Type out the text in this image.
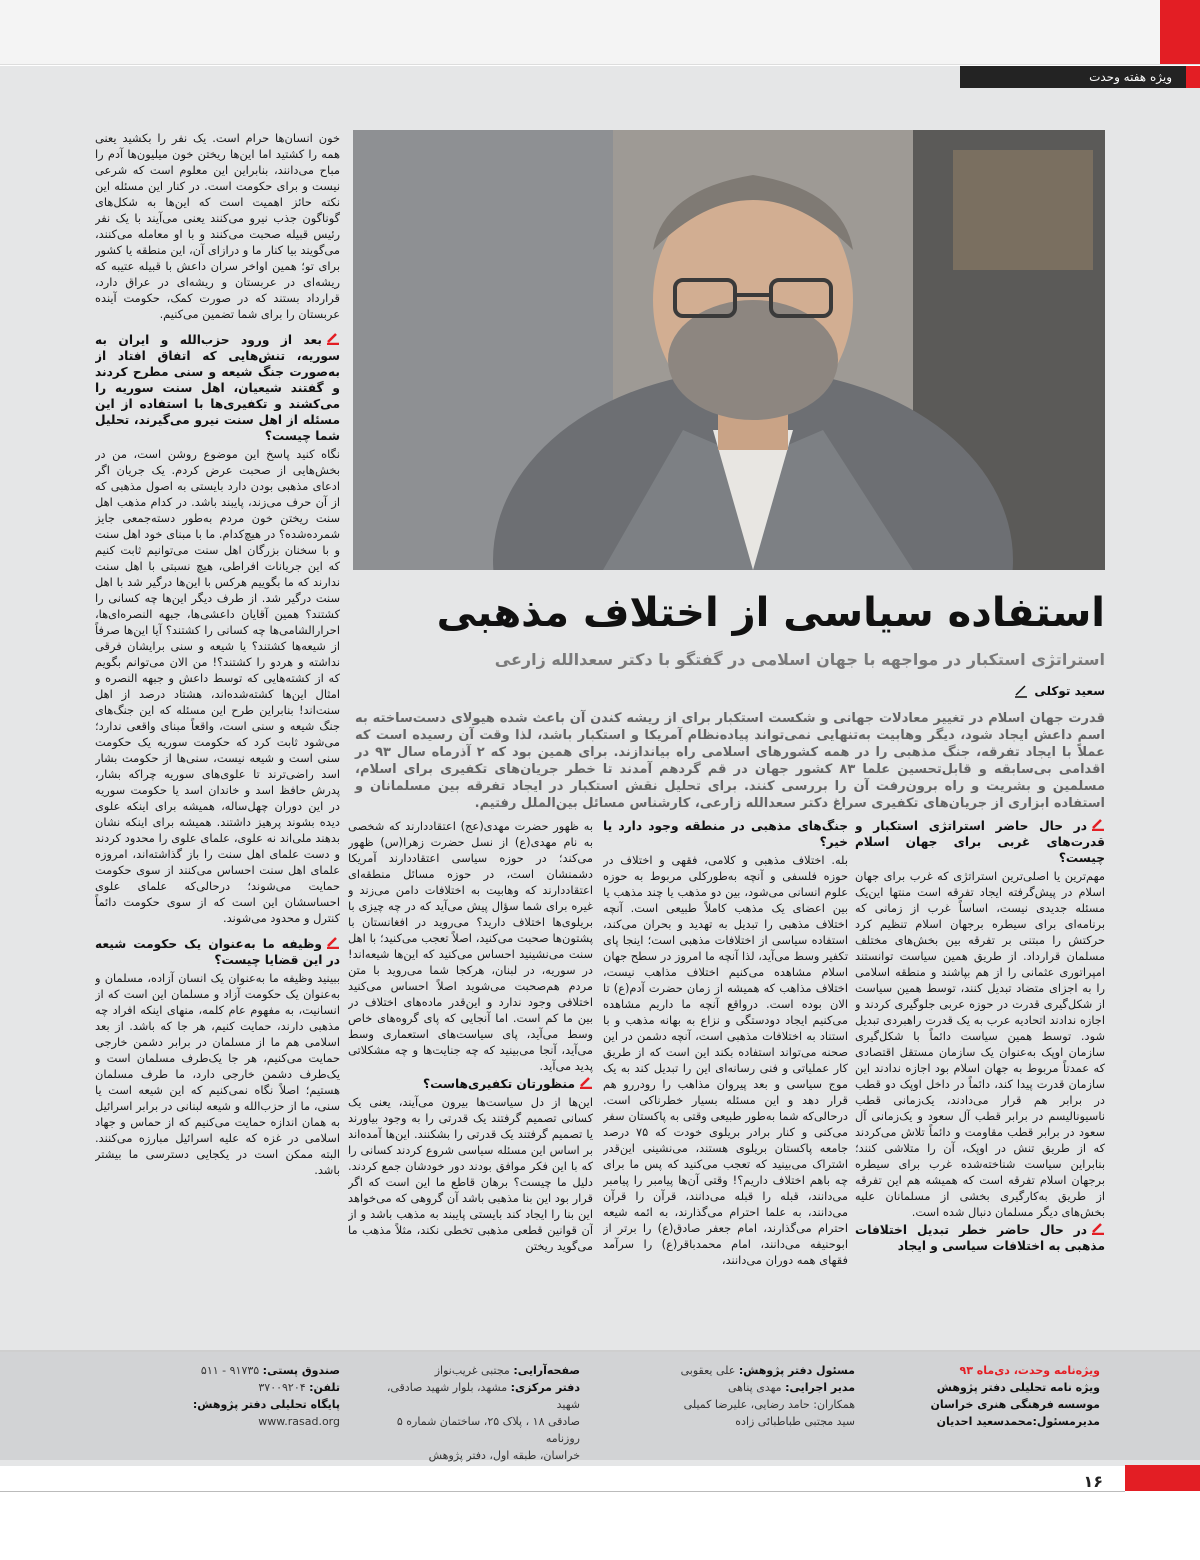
ویژه هفته وحدت
استفاده سیاسی از اختلاف مذهبی

استراتژی استکبار در مواجهه با جهان اسلامی در گفتگو با دکتر سعدالله زارعی

سعید توکلی

قدرت جهان اسلام در تغییر معادلات جهانی و شکست استکبار برای از ریشه کندن آن باعث شده هیولای دست‌ساخته به اسم داعش ایجاد شود، دیگر وهابیت به‌تنهایی نمی‌تواند پیاده‌نظام آمریکا و استکبار باشد، لذا وقت آن رسیده است که عملاً با ایجاد تفرقه، جنگ مذهبی را در همه کشورهای اسلامی راه بیاندازند. برای همین بود که ۲ آذرماه سال ۹۳ در اقدامی بی‌سابقه و قابل‌تحسین علما ۸۳ کشور جهان در قم گردهم آمدند تا خطر جریان‌های تکفیری برای اسلام، مسلمین و بشریت و راه برون‌رفت آن را بررسی کنند. برای تحلیل نقش استکبار در ایجاد تفرقه بین مسلمانان و استفاده ابزاری از جریان‌های تکفیری سراغ دکتر سعدالله زارعی، کارشناس مسائل بین‌الملل رفتیم.

در حال حاضر استراتژی استکبار و قدرت‌های غربی برای جهان اسلام چیست؟

مهم‌ترین یا اصلی‌ترین استراتژی که غرب برای جهان اسلام در پیش‌گرفته ایجاد تفرقه است منتها این‌یک مسئله جدیدی نیست، اساساً غرب از زمانی که برنامه‌ای برای سیطره برجهان اسلام تنظیم کرد حرکتش را مبتنی بر تفرقه بین بخش‌های مختلف مسلمان قرارداد. از طریق همین سیاست توانستند امپراتوری عثمانی را از هم بپاشند و منطقه اسلامی را به اجزای متضاد تبدیل کنند، توسط همین سیاست از شکل‌گیری قدرت در حوزه عربی جلوگیری کردند و اجازه ندادند اتحادیه عرب به یک قدرت راهبردی تبدیل شود. توسط همین سیاست دائماً با شکل‌گیری سازمان اوپک به‌عنوان یک سازمان مستقل اقتصادی که عمدتاً مربوط به جهان اسلام بود اجازه ندادند این سازمان قدرت پیدا کند، دائماً در داخل اوپک دو قطب در برابر هم قرار می‌دادند، یک‌زمانی قطب ناسیونالیسم در برابر قطب آل سعود و یک‌زمانی آل سعود در برابر قطب مقاومت و دائماً تلاش می‌کردند که از طریق تنش در اوپک، آن را متلاشی کنند؛ بنابراین سیاست شناخته‌شده غرب برای سیطره برجهان اسلام تفرقه است که همیشه هم این تفرقه از طریق به‌کارگیری بخشی از مسلمانان علیه بخش‌های دیگر مسلمان دنبال شده است.

در حال حاضر خطر تبدیل اختلافات مذهبی به اختلافات سیاسی و ایجاد
جنگ‌های مذهبی در منطقه وجود دارد یا خیر؟

بله. اختلاف مذهبی و کلامی، فقهی و اختلاف در حوزه فلسفی و آنچه به‌طورکلی مربوط به حوزه علوم انسانی می‌شود، بین دو مذهب یا چند مذهب یا بین اعضای یک مذهب کاملاً طبیعی است. آنچه اختلاف مذهبی را تبدیل به تهدید و بحران می‌کند، استفاده سیاسی از اختلافات مذهبی است؛ اینجا پای تکفیر وسط می‌آید، لذا آنچه ما امروز در سطح جهان اسلام مشاهده می‌کنیم اختلاف مذاهب نیست، اختلاف مذاهب که همیشه از زمان حضرت آدم(ع) تا الان بوده است. درواقع آنچه ما داریم مشاهده می‌کنیم ایجاد دودستگی و نزاع به بهانه مذهب و با استناد به اختلافات مذهبی است، آنچه دشمن در این صحنه می‌تواند استفاده بکند این است که از طریق کار عملیاتی و فنی رسانه‌ای این را تبدیل کند به یک موج سیاسی و بعد پیروان مذاهب را رودررو هم قرار دهد و این مسئله بسیار خطرناکی است. درحالی‌که شما به‌طور طبیعی وقتی به پاکستان سفر می‌کنی و کنار برادر بریلوی خودت که ۷۵ درصد جامعه پاکستان بریلوی هستند، می‌نشینی این‌قدر اشتراک می‌بینید که تعجب می‌کنید که پس ما برای چه باهم اختلاف داریم؟! وقتی آن‌ها پیامبر را پیامبر می‌دانند، قبله را قبله می‌دانند، قرآن را قرآن می‌دانند، به علما احترام می‌گذارند، به ائمه شیعه احترام می‌گذارند، امام جعفر صادق(ع) را برتر از ابوحنیفه می‌دانند، امام محمدباقر(ع) را سرآمد فقهای همه دوران می‌دانند،

به ظهور حضرت مهدی(عج) اعتقاددارند که شخصی به نام مهدی(ع) از نسل حضرت زهرا(س) ظهور می‌کند؛ در حوزه سیاسی اعتقاددارند آمریکا دشمنشان است، در حوزه مسائل منطقه‌ای اعتقاددارند که وهابیت به اختلافات دامن می‌زند و غیره برای شما سؤال پیش می‌آید که در چه چیزی با بریلوی‌ها اختلاف دارید؟ می‌روید در افغانستان با پشتون‌ها صحبت می‌کنید، اصلاً تعجب می‌کنید؛ با اهل سنت می‌نشینید احساس می‌کنید که این‌ها شیعه‌اند! در سوریه، در لبنان، هرکجا شما می‌روید با متن مردم هم‌صحبت می‌شوید اصلاً احساس می‌کنید اختلافی وجود ندارد و این‌قدر ماده‌های اختلاف در بین ما کم است. اما آنجایی که پای گروه‌های خاص وسط می‌آید، پای سیاست‌های استعماری وسط می‌آید، آنجا می‌بینید که چه جنایت‌ها و چه مشکلاتی پدید می‌آید.

منظورتان تکفیری‌هاست؟

این‌ها از دل سیاست‌ها بیرون می‌آیند، یعنی یک کسانی تصمیم گرفتند یک قدرتی را به وجود بیاورند یا تصمیم گرفتند یک قدرتی را بشکنند. این‌ها آمده‌اند بر اساس این مسئله سیاسی شروع کردند کسانی را که با این فکر موافق بودند دور خودشان جمع کردند. دلیل ما چیست؟ برهان قاطع ما این است که اگر قرار بود این بنا مذهبی باشد آن گروهی که می‌خواهد این بنا را ایجاد کند بایستی پایبند به مذهب باشد و از آن قوانین قطعی مذهبی تخطی نکند، مثلاً مذهب ما می‌گوید ریختن

خون انسان‌ها حرام است. یک نفر را بکشید یعنی همه را کشتید اما این‌ها ریختن خون میلیون‌ها آدم را مباح می‌دانند، بنابراین این معلوم است که شرعی نیست و برای حکومت است. در کنار این مسئله این نکته حائز اهمیت است که این‌ها به شکل‌های گوناگون جذب نیرو می‌کنند یعنی می‌آیند با یک نفر رئیس قبیله صحبت می‌کنند و با او معامله می‌کنند، می‌گویند بیا کنار ما و درازای آن، این منطقه یا کشور برای تو؛ همین اواخر سران داعش با قبیله عتیبه که ریشه‌ای در عربستان و ریشه‌ای در عراق دارد، قرارداد بستند که در صورت کمک، حکومت آینده عربستان را برای شما تضمین می‌کنیم.

بعد از ورود حزب‌الله و ایران به سوریه، تنش‌هایی که اتفاق افتاد از به‌صورت جنگ شیعه و سنی مطرح کردند و گفتند شیعیان، اهل سنت سوریه را می‌کشند و تکفیری‌ها با استفاده از این مسئله از اهل سنت نیرو می‌گیرند، تحلیل شما چیست؟

نگاه کنید پاسخ این موضوع روشن است، من در بخش‌هایی از صحبت عرض کردم. یک جریان اگر ادعای مذهبی بودن دارد بایستی به اصول مذهبی که از آن حرف می‌زند، پایبند باشد. در کدام مذهب اهل سنت ریختن خون مردم به‌طور دسته‌جمعی جایز شمرده‌شده؟ در هیچ‌کدام. ما با مبنای خود اهل سنت و با سخنان بزرگان اهل سنت می‌توانیم ثابت کنیم که این جریانات افراطی، هیچ نسبتی با اهل سنت ندارند که ما بگوییم هرکس با این‌ها درگیر شد با اهل سنت درگیر شد. از طرف دیگر این‌ها چه کسانی را کشتند؟ همین آقایان داعشی‌ها، جبهه النصره‌ای‌ها، احرارالشامی‌ها چه کسانی را کشتند؟ آیا این‌ها صرفاً از شیعه‌ها کشتند؟ یا شیعه و سنی برایشان فرقی نداشته و هردو را کشتند؟! من الان می‌توانم بگویم که از کشته‌هایی که توسط داعش و جبهه النصره و امثال این‌ها کشته‌شده‌اند، هشتاد درصد از اهل سنت‌اند! بنابراین طرح این مسئله که این جنگ‌های جنگ شیعه و سنی است، واقعاً مبنای واقعی ندارد؛ می‌شود ثابت کرد که حکومت سوریه یک حکومت سنی است و شیعه نیست، سنی‌ها از حکومت بشار اسد راضی‌ترند تا علوی‌های سوریه چراکه بشار، پدرش حافظ اسد و خاندان اسد یا حکومت سوریه در این دوران چهل‌ساله، همیشه برای اینکه علوی دیده بشوند پرهیز داشتند. همیشه برای اینکه نشان بدهند ملی‌اند نه علوی، علمای علوی را محدود کردند و دست علمای اهل سنت را باز گذاشته‌اند، امروزه علمای اهل سنت احساس می‌کنند از سوی حکومت حمایت می‌شوند؛ درحالی‌که علمای علوی احساسشان این است که از سوی حکومت دائماً کنترل و محدود می‌شوند.

وظیفه ما به‌عنوان یک حکومت شیعه در این قضایا چیست؟

ببینید وظیفه ما به‌عنوان یک انسان آزاده، مسلمان و به‌عنوان یک حکومت آزاد و مسلمان این است که از انسانیت، به مفهوم عام کلمه، منهای اینکه افراد چه مذهبی دارند، حمایت کنیم، هر جا که باشد. از بعد اسلامی هم ما از مسلمان در برابر دشمن خارجی حمایت می‌کنیم، هر جا یک‌طرف مسلمان است و یک‌طرف دشمن خارجی دارد، ما طرف مسلمان هستیم؛ اصلاً نگاه نمی‌کنیم که این شیعه است یا سنی، ما از حزب‌الله و شیعه لبنانی در برابر اسرائیل به همان اندازه حمایت می‌کنیم که از حماس و جهاد اسلامی در غزه که علیه اسرائیل مبارزه می‌کنند. البته ممکن است در یکجایی دسترسی ما بیشتر باشد.

ویژه‌نامه وحدت، دی‌ماه ۹۳
ویژه نامه تحلیلی دفتر پژوهش
موسسه فرهنگی هنری خراسان
مدیرمسئول:محمدسعید احدیان
مسئول دفتر پژوهش: علی یعقوبی
مدیر اجرایی: مهدی پناهی
همکاران: حامد رضایی، علیرضا کمیلی
سید مجتبی طباطبائی زاده
صفحه‌آرایی: مجتبی غریب‌نواز
دفتر مرکزی: مشهد، بلوار شهید صادقی، شهید
صادقی ۱۸ ، پلاک ۲۵، ساختمان شماره ۵ روزنامه
خراسان، طبقه اول، دفتر پژوهش
صندوق پستی: ۹۱۷۳۵ - ۵۱۱
تلفن: ۳۷۰۰۹۲۰۴
پایگاه تحلیلی دفتر پژوهش:
www.rasad.org
۱۶
